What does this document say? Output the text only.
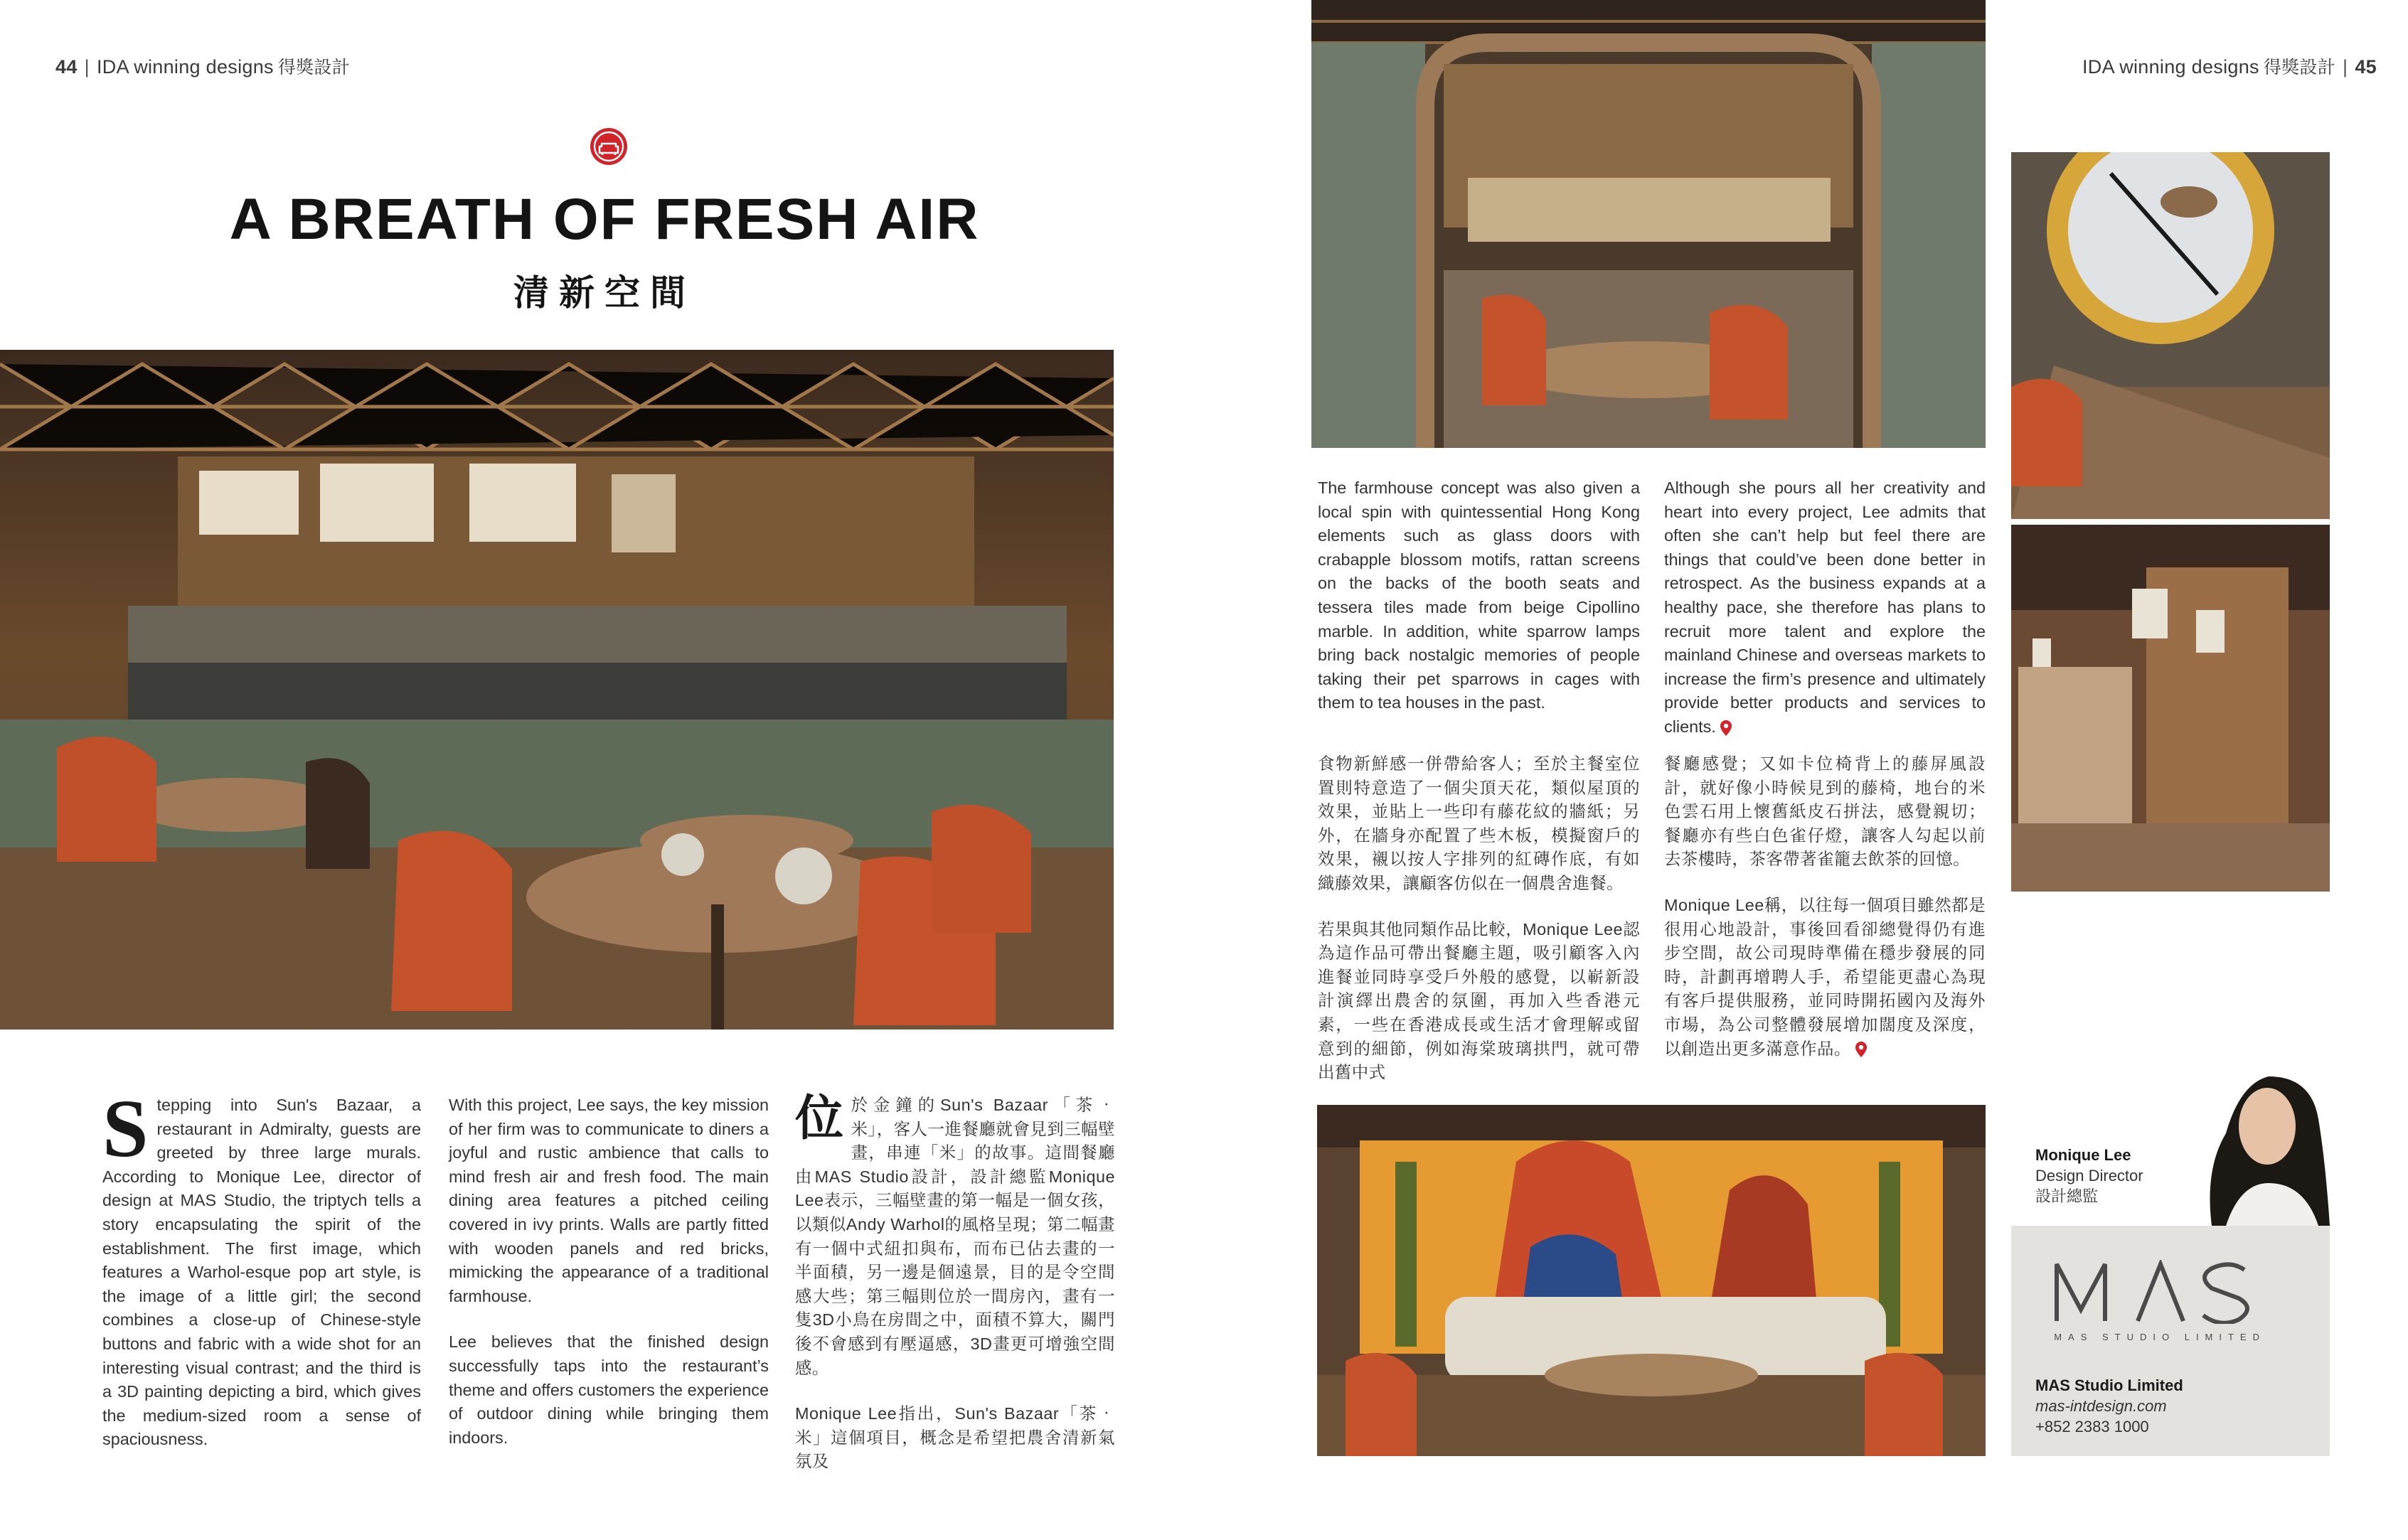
44 | IDA winning designs 得獎設計
A BREATH OF FRESH AIR
清新空間
Stepping into Sun's Bazaar, a restaurant in Admiralty, guests are greeted by three large murals. According to Monique Lee, director of design at MAS Studio, the triptych tells a story encapsulating the spirit of the establishment. The first image, which features a Warhol-esque pop art style, is the image of a little girl; the second combines a close-up of Chinese-style buttons and fabric with a wide shot for an interesting visual contrast; and the third is a 3D painting depicting a bird, which gives the medium-sized room a sense of spaciousness.

With this project, Lee says, the key mission of her firm was to communicate to diners a joyful and rustic ambience that calls to mind fresh air and fresh food. The main dining area features a pitched ceiling covered in ivy prints. Walls are partly fitted with wooden panels and red bricks, mimicking the appearance of a traditional farmhouse.

Lee believes that the finished design successfully taps into the restaurant’s theme and offers customers the experience of outdoor dining while bringing them indoors.

位於金鐘的Sun's Bazaar「茶‧米」，客人一進餐廳就會見到三幅壁畫，串連「米」的故事。這間餐廳由MAS Studio設計，設計總監Monique Lee表示，三幅壁畫的第一幅是一個女孩，以類似Andy Warhol的風格呈現；第二幅畫有一個中式紐扣與布，而布已佔去畫的一半面積，另一邊是個遠景，目的是令空間感大些；第三幅則位於一間房內，畫有一隻3D小鳥在房間之中，面積不算大，關門後不會感到有壓逼感，3D畫更可增強空間感。

Monique Lee指出，Sun's Bazaar「茶‧米」這個項目，概念是希望把農舍清新氣氛及

IDA winning designs 得獎設計 | 45
The farmhouse concept was also given a local spin with quintessential Hong Kong elements such as glass doors with crabapple blossom motifs, rattan screens on the backs of the booth seats and tessera tiles made from beige Cipollino marble. In addition, white sparrow lamps bring back nostalgic memories of people taking their pet sparrows in cages with them to tea houses in the past.
Although she pours all her creativity and heart into every project, Lee admits that often she can’t help but feel there are things that could’ve been done better in retrospect. As the business expands at a healthy pace, she therefore has plans to recruit more talent and explore the mainland Chinese and overseas markets to increase the firm’s presence and ultimately provide better products and services to clients.

食物新鮮感一併帶給客人；至於主餐室位置則特意造了一個尖頂天花，類似屋頂的效果，並貼上一些印有藤花紋的牆紙；另外，在牆身亦配置了些木板，模擬窗戶的效果，襯以按人字排列的紅磚作底，有如織藤效果，讓顧客仿似在一個農舍進餐。

若果與其他同類作品比較，Monique Lee認為這作品可帶出餐廳主題，吸引顧客入內進餐並同時享受戶外般的感覺，以嶄新設計演繹出農舍的氛圍，再加入些香港元素，一些在香港成長或生活才會理解或留意到的細節，例如海棠玻璃拱門，就可帶出舊中式

餐廳感覺；又如卡位椅背上的藤屏風設計，就好像小時候見到的藤椅，地台的米色雲石用上懷舊紙皮石拼法，感覺親切；餐廳亦有些白色雀仔燈，讓客人勾起以前去茶樓時，茶客帶著雀籠去飲茶的回憶。

Monique Lee稱，以往每一個項目雖然都是很用心地設計，事後回看卻總覺得仍有進步空間，故公司現時準備在穩步發展的同時，計劃再增聘人手，希望能更盡心為現有客戶提供服務，並同時開拓國內及海外市場，為公司整體發展增加闊度及深度，以創造出更多滿意作品。

Monique Lee
Design Director
設計總監
MAS STUDIO LIMITED
MAS Studio Limited
mas-intdesign.com
+852 2383 1000
